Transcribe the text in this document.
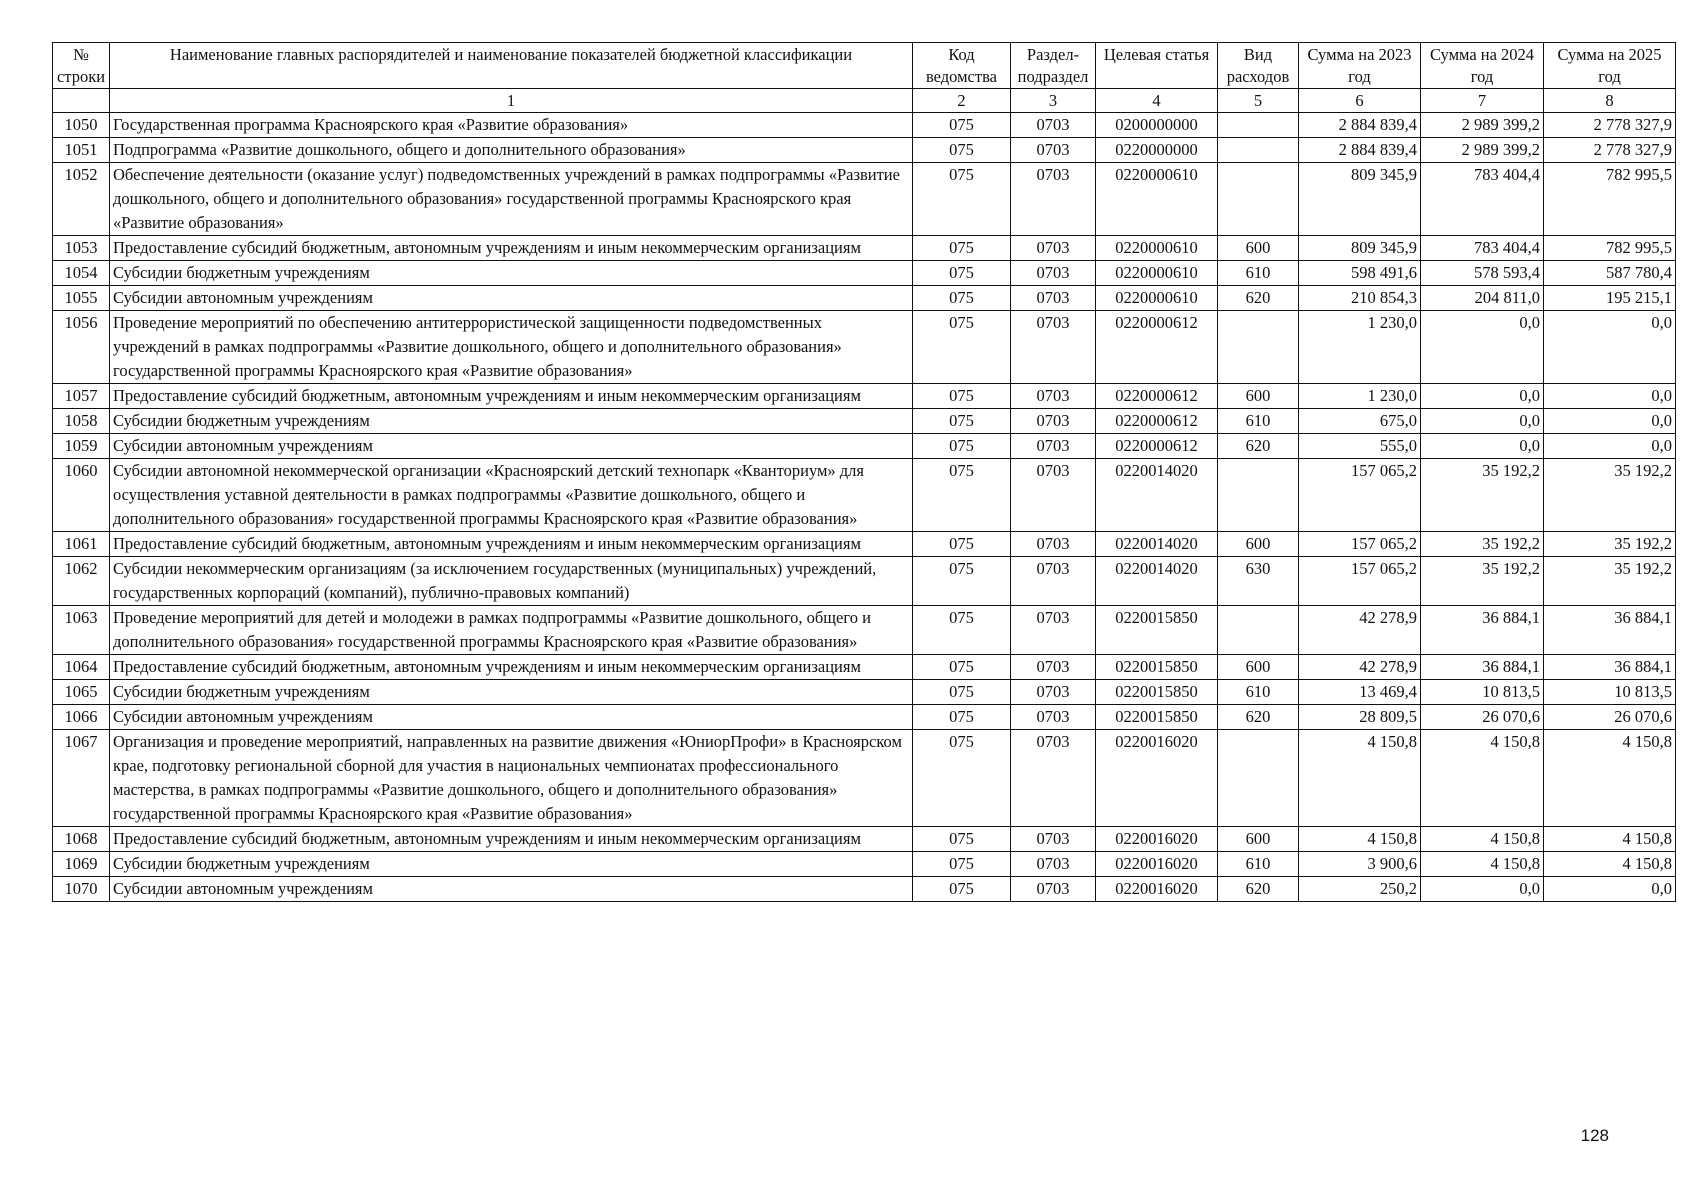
№ строки	Наименование главных распорядителей и наименование показателей бюджетной классификации	Код ведомства	Раздел-подраздел	Целевая статья	Вид расходов	Сумма на 2023 год	Сумма на 2024 год	Сумма на 2025 год
	1	2	3	4	5	6	7	8
1050	Государственная программа Красноярского края «Развитие образования»	075	0703	0200000000		2 884 839,4	2 989 399,2	2 778 327,9
1051	Подпрограмма «Развитие дошкольного, общего и дополнительного образования»	075	0703	0220000000		2 884 839,4	2 989 399,2	2 778 327,9
1052	Обеспечение деятельности (оказание услуг) подведомственных учреждений в рамках подпрограммы «Развитие дошкольного, общего и дополнительного образования» государственной программы Красноярского края «Развитие образования»	075	0703	0220000610		809 345,9	783 404,4	782 995,5
1053	Предоставление субсидий бюджетным, автономным учреждениям и иным некоммерческим организациям	075	0703	0220000610	600	809 345,9	783 404,4	782 995,5
1054	Субсидии бюджетным учреждениям	075	0703	0220000610	610	598 491,6	578 593,4	587 780,4
1055	Субсидии автономным учреждениям	075	0703	0220000610	620	210 854,3	204 811,0	195 215,1
1056	Проведение мероприятий по обеспечению антитеррористической защищенности подведомственных учреждений в рамках подпрограммы «Развитие дошкольного, общего и дополнительного образования» государственной программы Красноярского края «Развитие образования»	075	0703	0220000612		1 230,0	0,0	0,0
1057	Предоставление субсидий бюджетным, автономным учреждениям и иным некоммерческим организациям	075	0703	0220000612	600	1 230,0	0,0	0,0
1058	Субсидии бюджетным учреждениям	075	0703	0220000612	610	675,0	0,0	0,0
1059	Субсидии автономным учреждениям	075	0703	0220000612	620	555,0	0,0	0,0
1060	Субсидии автономной некоммерческой организации «Красноярский детский технопарк «Кванториум» для осуществления уставной деятельности в рамках подпрограммы «Развитие дошкольного, общего и дополнительного образования» государственной программы Красноярского края «Развитие образования»	075	0703	0220014020		157 065,2	35 192,2	35 192,2
1061	Предоставление субсидий бюджетным, автономным учреждениям и иным некоммерческим организациям	075	0703	0220014020	600	157 065,2	35 192,2	35 192,2
1062	Субсидии некоммерческим организациям (за исключением государственных (муниципальных) учреждений, государственных корпораций (компаний), публично-правовых компаний)	075	0703	0220014020	630	157 065,2	35 192,2	35 192,2
1063	Проведение мероприятий для детей и молодежи в рамках подпрограммы «Развитие дошкольного, общего и дополнительного образования» государственной программы Красноярского края «Развитие образования»	075	0703	0220015850		42 278,9	36 884,1	36 884,1
1064	Предоставление субсидий бюджетным, автономным учреждениям и иным некоммерческим организациям	075	0703	0220015850	600	42 278,9	36 884,1	36 884,1
1065	Субсидии бюджетным учреждениям	075	0703	0220015850	610	13 469,4	10 813,5	10 813,5
1066	Субсидии автономным учреждениям	075	0703	0220015850	620	28 809,5	26 070,6	26 070,6
1067	Организация и проведение мероприятий, направленных на развитие движения «ЮниорПрофи» в Красноярском крае, подготовку региональной сборной для участия в национальных чемпионатах профессионального мастерства, в рамках подпрограммы «Развитие дошкольного, общего и дополнительного образования» государственной программы Красноярского края «Развитие образования»	075	0703	0220016020		4 150,8	4 150,8	4 150,8
1068	Предоставление субсидий бюджетным, автономным учреждениям и иным некоммерческим организациям	075	0703	0220016020	600	4 150,8	4 150,8	4 150,8
1069	Субсидии бюджетным учреждениям	075	0703	0220016020	610	3 900,6	4 150,8	4 150,8
1070	Субсидии автономным учреждениям	075	0703	0220016020	620	250,2	0,0	0,0
128
